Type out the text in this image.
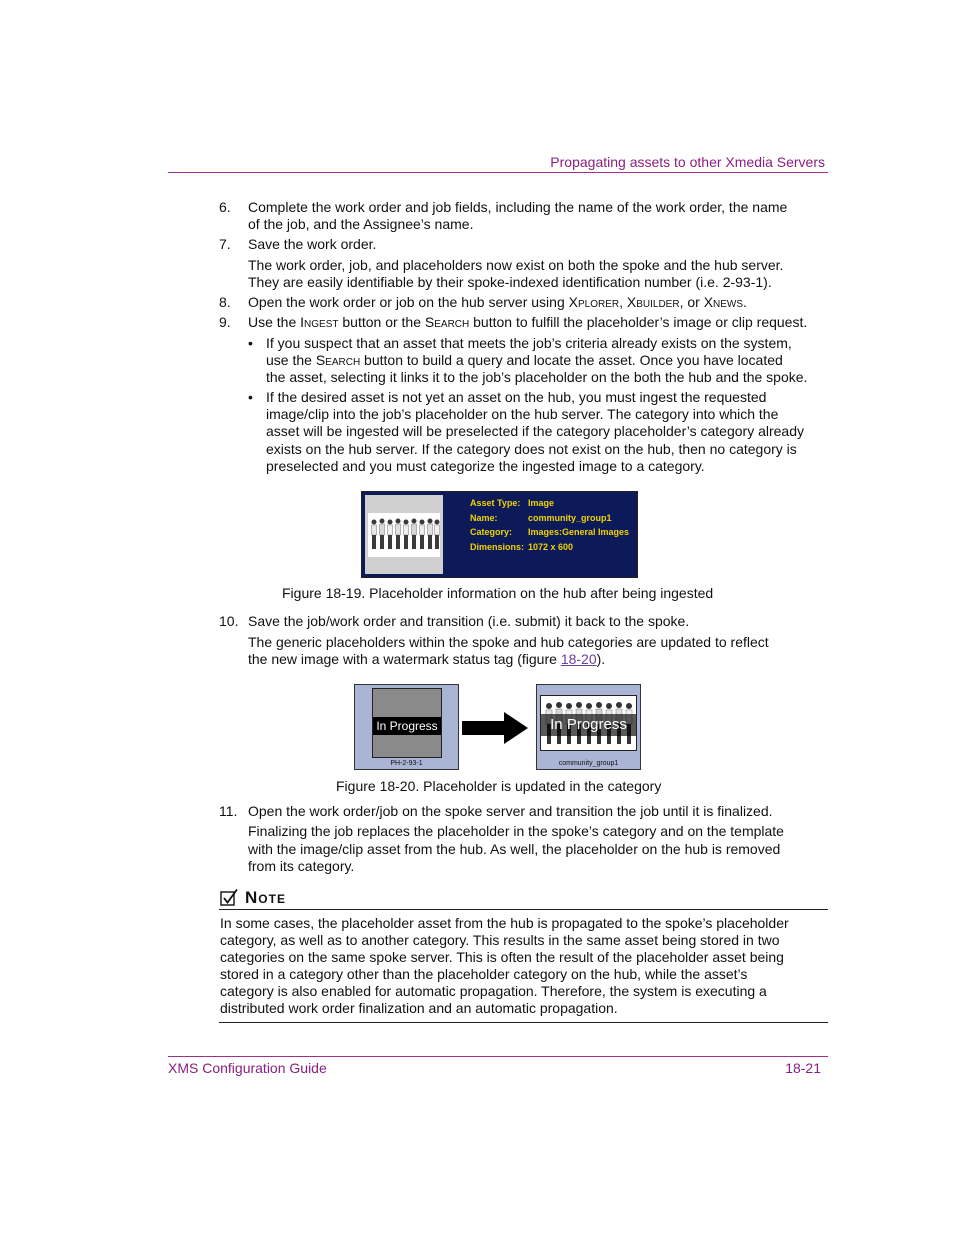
Propagating assets to other Xmedia Servers
6.	Complete the work order and job fields, including the name of the work order, the name
of the job, and the Assignee’s name.
7.	Save the work order.
The work order, job, and placeholders now exist on both the spoke and the hub server.
They are easily identifiable by their spoke-indexed identification number (i.e. 2-93-1).
8.	Open the work order or job on the hub server using Xplorer, Xbuilder, or Xnews.
9.	Use the Ingest button or the Search button to fulfill the placeholder’s image or clip request.
• If you suspect that an asset that meets the job’s criteria already exists on the system,
use the Search button to build a query and locate the asset. Once you have located
the asset, selecting it links it to the job’s placeholder on the both the hub and the spoke.
• If the desired asset is not yet an asset on the hub, you must ingest the requested
image/clip into the job’s placeholder on the hub server. The category into which the
asset will be ingested will be preselected if the category placeholder’s category already
exists on the hub server. If the category does not exist on the hub, then no category is
preselected and you must categorize the ingested image to a category.
Asset Type: Image
Name:	community_group1
Category: Images:General Images
Dimensions: 1072 x 600
Figure 18-19. Placeholder information on the hub after being ingested
10. Save the job/work order and transition (i.e. submit) it back to the spoke.
The generic placeholders within the spoke and hub categories are updated to reflect
the new image with a watermark status tag (figure 18-20).
In Progress
PH-2-93-1
In Progress
community_group1
Figure 18-20. Placeholder is updated in the category
11. Open the work order/job on the spoke server and transition the job until it is finalized.
Finalizing the job replaces the placeholder in the spoke’s category and on the template
with the image/clip asset from the hub. As well, the placeholder on the hub is removed
from its category.
Note
In some cases, the placeholder asset from the hub is propagated to the spoke’s placeholder
category, as well as to another category. This results in the same asset being stored in two
categories on the same spoke server. This is often the result of the placeholder asset being
stored in a category other than the placeholder category on the hub, while the asset’s
category is also enabled for automatic propagation. Therefore, the system is executing a
distributed work order finalization and an automatic propagation.
XMS Configuration Guide	18-21
